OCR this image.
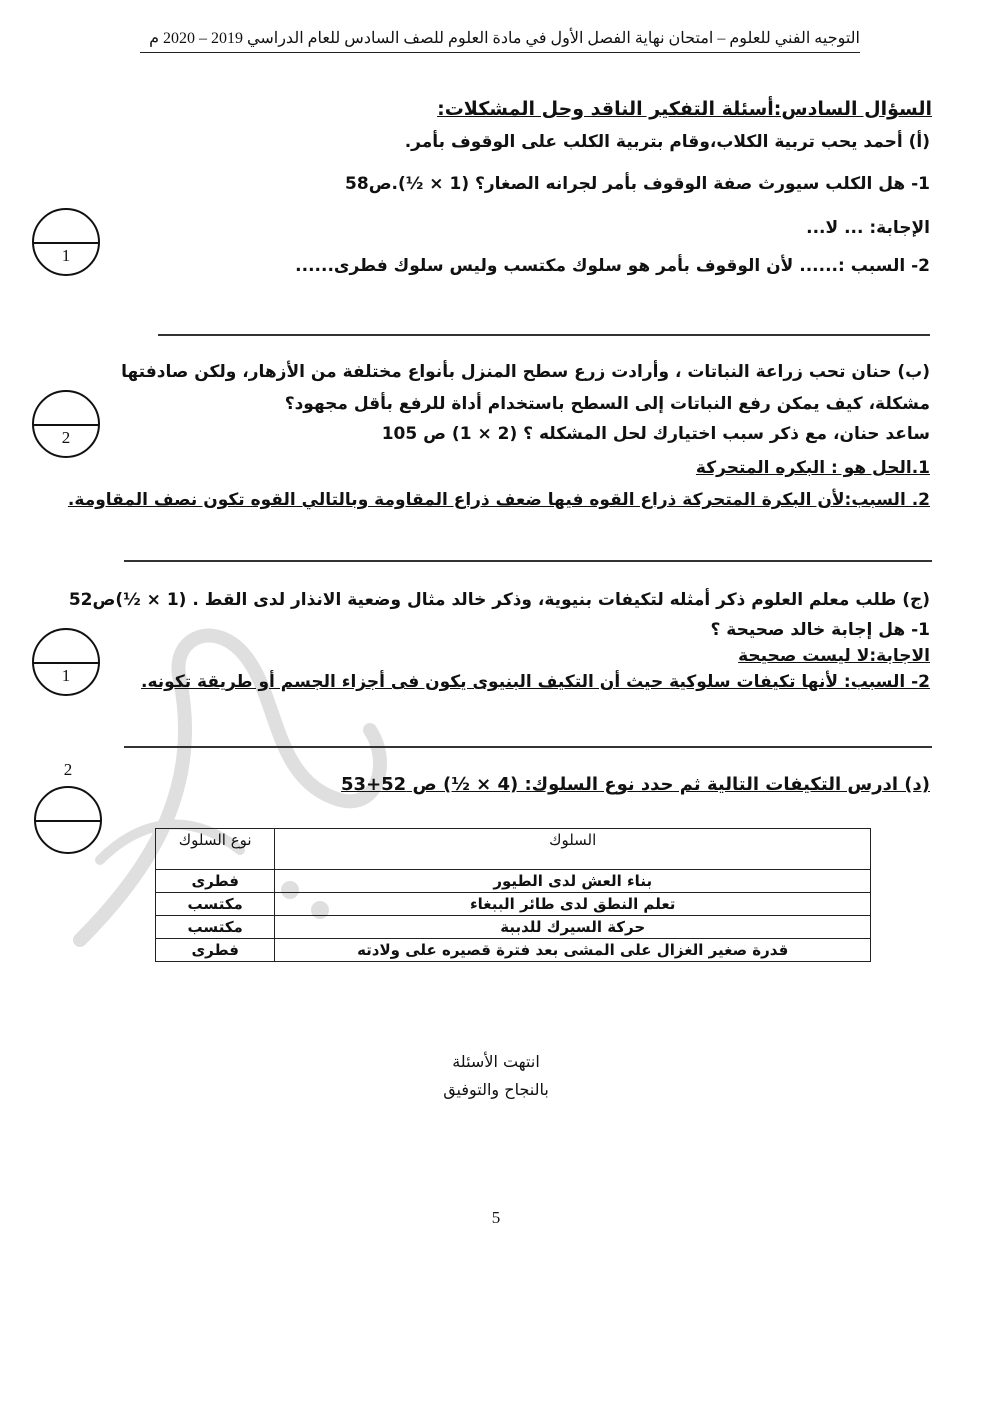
التوجيه الفني للعلوم – امتحان نهاية الفصل الأول في مادة العلوم للصف السادس للعام الدراسي 2019 – 2020 م
السؤال السادس:أسئلة التفكير الناقد وحل المشكلات:
(أ) أحمد يحب تربية الكلاب،وقام بتربية الكلب على الوقوف بأمر.
1- هل الكلب سيورث صفة الوقوف بأمر لجرانه الصغار؟ (1 × ½).ص58
الإجابة: ... لا...
2- السبب :...... لأن الوقوف بأمر هو سلوك مكتسب وليس سلوك فطرى......
1
(ب) حنان تحب زراعة النباتات ، وأرادت زرع سطح المنزل بأنواع مختلفة من الأزهار، ولكن صادفتها
مشكلة، كيف يمكن رفع النباتات إلى السطح باستخدام أداة للرفع بأقل مجهود؟
ساعد حنان، مع ذكر سبب اختيارك لحل المشكله ؟ (2 × 1) ص 105
1.الحل هو : البكره المتحركة
2. السبب:لأن البكرة المتحركة ذراع القوه فيها ضعف ذراع المقاومة وبالتالي القوه تكون نصف المقاومة.
2
(ج) طلب معلم العلوم ذكر أمثله لتكيفات بنيوية، وذكر خالد مثال وضعية الانذار لدى القط . (1 × ½)ص52
1- هل إجابة خالد صحيحة ؟
الاجابة:لا ليست صحيحة
2- السبب: لأنها تكيفات سلوكية حيث أن التكيف البنيوى يكون فى أجزاء الجسم أو طريقة تكونه.
1
(د) ادرس التكيفات التالية ثم حدد نوع السلوك: (4 × ½) ص 52+53
2
السلوك	نوع السلوك
بناء العش لدى الطيور	فطرى
تعلم النطق لدى طائر الببغاء	مكتسب
حركة السيرك للدببة	مكتسب
قدرة صغير الغزال على المشى بعد فترة قصيره على ولادته	فطرى
انتهت الأسئلة
بالنجاح والتوفيق
5
